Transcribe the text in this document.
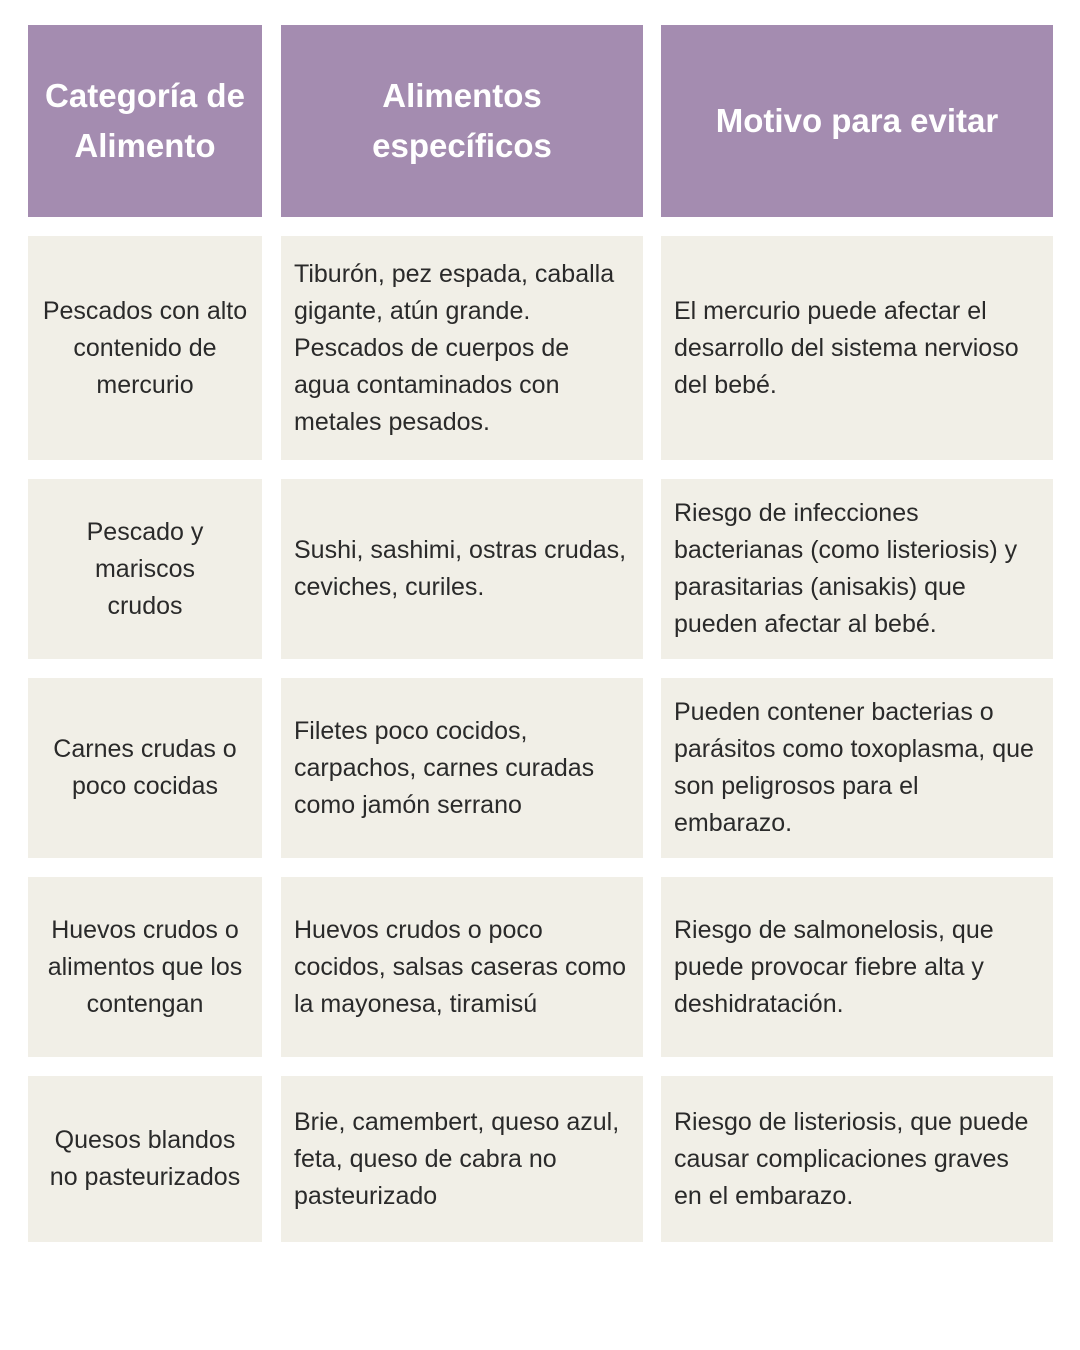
Categoría de Alimento
Alimentos específicos
Motivo para evitar
Pescados con alto contenido de mercurio
Tiburón, pez espada, caballa gigante, atún grande. Pescados de cuerpos de agua contaminados con metales pesados.
El mercurio puede afectar el desarrollo del sistema nervioso del bebé.
Pescado y mariscos crudos
Sushi, sashimi, ostras crudas, ceviches, curiles.
Riesgo de infecciones bacterianas (como listeriosis) y parasitarias (anisakis) que pueden afectar al bebé.
Carnes crudas o poco cocidas
Filetes poco cocidos, carpachos, carnes curadas como jamón serrano
Pueden contener bacterias o parásitos como toxoplasma, que son peligrosos para el embarazo.
Huevos crudos o alimentos que los contengan
Huevos crudos o poco cocidos, salsas caseras como la mayonesa, tiramisú
Riesgo de salmonelosis, que puede provocar fiebre alta y deshidratación.
Quesos blandos no pasteurizados
Brie, camembert, queso azul, feta, queso de cabra no pasteurizado
Riesgo de listeriosis, que puede causar complicaciones graves en el embarazo.
